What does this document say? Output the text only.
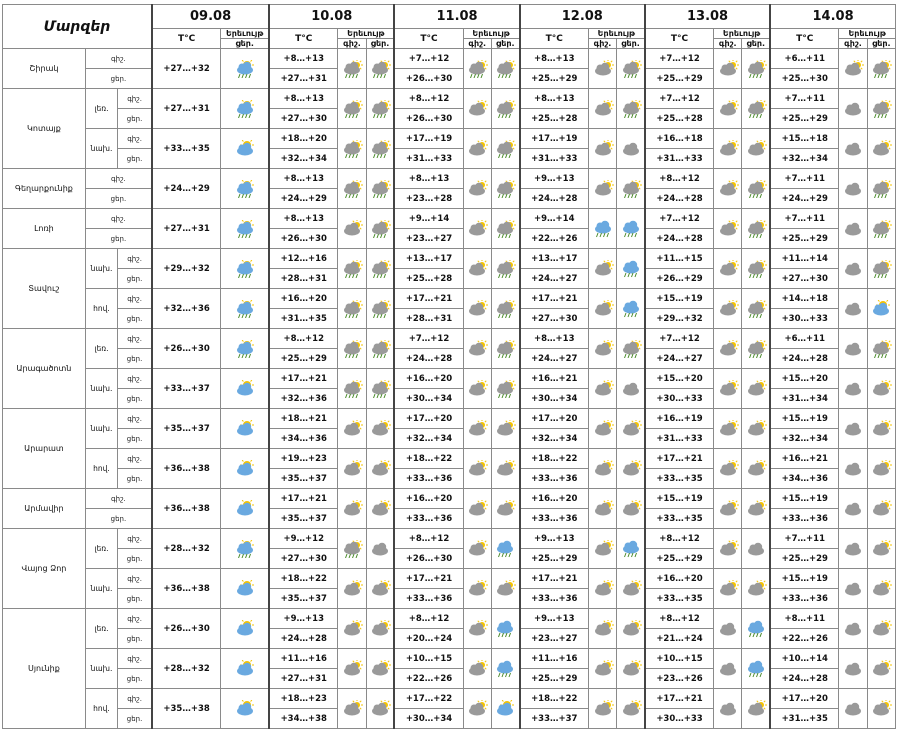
Մարզեր			09.08		10.08			11.08			12.08			13.08			14.08		
			T°C	Երեւույթ	T°C	Երեւույթ		T°C	Երեւույթ		T°C	Երեւույթ		T°C	Երեւույթ		T°C	Երեւույթ	
				ցեր.		գիշ.	ցեր.		գիշ.	ցեր.		գիշ.	ցեր.		գիշ.	ցեր.		գիշ.	ցեր.
Շիրակ	գիշ.		+27…+32		+8…+13			+7…+12			+8…+13			+7…+12			+6…+11	

	ցեր.				+27…+31			+26…+30			+25…+29			+25…+29			+25…+30		
Կոտայք	լեռ.	գիշ.	+27…+31		+8…+13			+8…+12			+8…+13			+7…+12			+7…+11	

		ցեր.			+27…+30			+26…+30			+25…+28			+25…+28			+25…+29		
	նախ.	գիշ.	+33…+35		+18…+20			+17…+19			+17…+19			+16…+18			+15…+18	

		ցեր.			+32…+34			+31…+33			+31…+33			+31…+33			+32…+34		
Գեղարքունիք	գիշ.		+24…+29		+8…+13			+8…+13			+9…+13			+8…+12			+7…+11	

	ցեր.				+24…+29			+23…+28			+24…+28			+24…+28			+24…+29		
Լոռի	գիշ.		+27…+31		+8…+13			+9…+14			+9…+14			+7…+12			+7…+11	

	ցեր.				+26…+30			+23…+27			+22…+26			+24…+28			+25…+29		
Տավուշ	նախ.	գիշ.	+29…+32		+12…+16			+13…+17			+13…+17			+11…+15			+11…+14	

		ցեր.			+28…+31			+25…+28			+24…+27			+26…+29			+27…+30		
	հով.	գիշ.	+32…+36		+16…+20			+17…+21			+17…+21			+15…+19			+14…+18	

		ցեր.			+31…+35			+28…+31			+27…+30			+29…+32			+30…+33		
Արագածոտն	լեռ.	գիշ.	+26…+30		+8…+12			+7…+12			+8…+13			+7…+12			+6…+11	

		ցեր.			+25…+29			+24…+28			+24…+27			+24…+27			+24…+28		
	նախ.	գիշ.	+33…+37		+17…+21			+16…+20			+16…+21			+15…+20			+15…+20	

		ցեր.			+32…+36			+30…+34			+30…+34			+30…+33			+31…+34		
Արարատ	նախ.	գիշ.	+35…+37		+18…+21			+17…+20			+17…+20			+16…+19			+15…+19	

		ցեր.			+34…+36			+32…+34			+32…+34			+31…+33			+32…+34		
	հով.	գիշ.	+36…+38		+19…+23			+18…+22			+18…+22			+17…+21			+16…+21	

		ցեր.			+35…+37			+33…+36			+33…+36			+33…+35			+34…+36		
Արմավիր	գիշ.		+36…+38		+17…+21			+16…+20			+16…+20			+15…+19			+15…+19	

	ցեր.				+35…+37			+33…+36			+33…+36			+33…+35			+33…+36		
Վայոց Ձոր	լեռ.	գիշ.	+28…+32		+9…+12			+8…+12			+9…+13			+8…+12			+7…+11	

		ցեր.			+27…+30			+26…+30			+25…+29			+25…+29			+25…+29		
	նախ.	գիշ.	+36…+38		+18…+22			+17…+21			+17…+21			+16…+20			+15…+19	

		ցեր.			+35…+37			+33…+36			+33…+36			+33…+35			+33…+36		
Սյունիք	լեռ.	գիշ.	+26…+30		+9…+13			+8…+12			+9…+13			+8…+12			+8…+11	

		ցեր.			+24…+28			+20…+24			+23…+27			+21…+24			+22…+26		
	նախ.	գիշ.	+28…+32		+11…+16			+10…+15			+11…+16			+10…+15			+10…+14	

		ցեր.			+27…+31			+22…+26			+25…+29			+23…+26			+24…+28		
	հով.	գիշ.	+35…+38		+18…+23			+17…+22			+18…+22			+17…+21			+17…+20	

		ցեր.			+34…+38			+30…+34			+33…+37			+30…+33			+31…+35		
